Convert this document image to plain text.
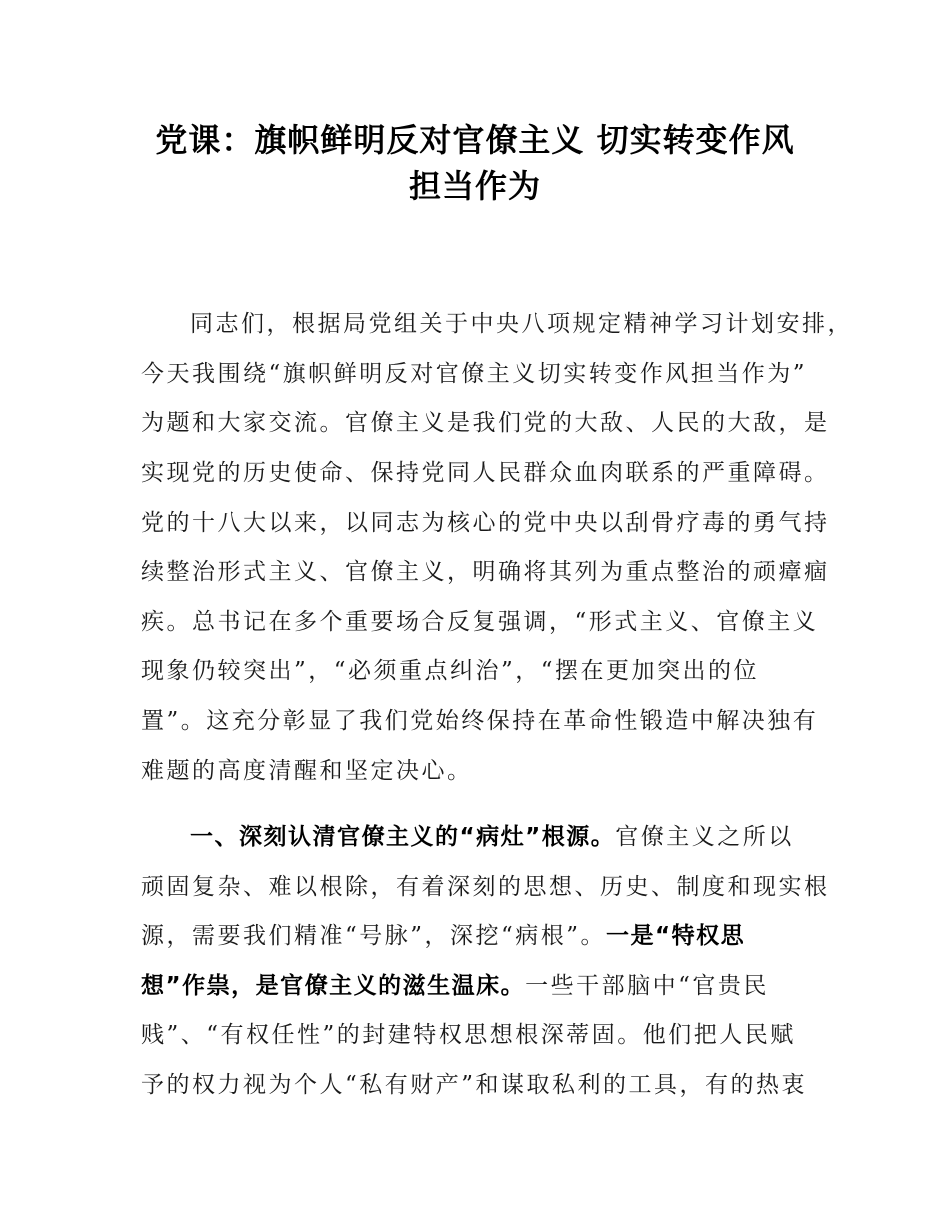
党课：旗帜鲜明反对官僚主义 切实转变作风
担当作为
同志们，根据局党组关于中央八项规定精神学习计划安排，
今天我围绕“旗帜鲜明反对官僚主义切实转变作风担当作为”
为题和大家交流。官僚主义是我们党的大敌、人民的大敌，是
实现党的历史使命、保持党同人民群众血肉联系的严重障碍。
党的十八大以来，以同志为核心的党中央以刮骨疗毒的勇气持
续整治形式主义、官僚主义，明确将其列为重点整治的顽瘴痼
疾。总书记在多个重要场合反复强调，“形式主义、官僚主义
现象仍较突出”，“必须重点纠治”，“摆在更加突出的位
置”。这充分彰显了我们党始终保持在革命性锻造中解决独有
难题的高度清醒和坚定决心。
一、深刻认清官僚主义的“病灶”根源。官僚主义之所以
顽固复杂、难以根除，有着深刻的思想、历史、制度和现实根
源，需要我们精准“号脉”，深挖“病根”。一是“特权思
想”作祟，是官僚主义的滋生温床。一些干部脑中“官贵民
贱”、“有权任性”的封建特权思想根深蒂固。他们把人民赋
予的权力视为个人“私有财产”和谋取私利的工具，有的热衷
